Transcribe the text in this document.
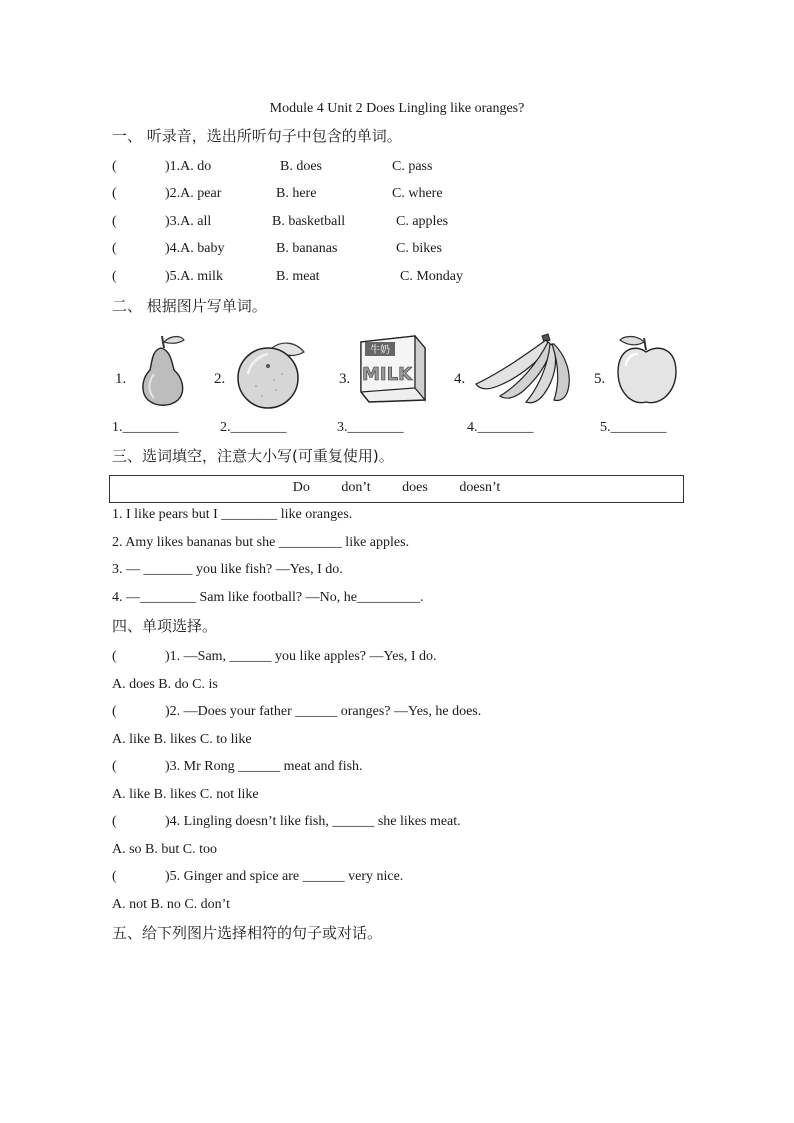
Module 4 Unit 2 Does Lingling like oranges?
一、 听录音，选出所听句子中包含的单词。
(	)1.A. do	B. does	C. pass
(	)2.A. pear	B. here	C. where
(	)3.A. all	B. basketball	C. apples
(	)4.A. baby	B. bananas	C. bikes
(	)5.A. milk	B. meat	C. Monday
二、 根据图片写单词。
1.	2.	3.
牛奶
MILK	4.	5.
1.________	2.________	3.________	4.________	5.________
三、选词填空，注意大小写(可重复使用)。
Do don’t does doesn’t
1. I like pears but I ________ like oranges.
2. Amy likes bananas but she _________ like apples.
3. — _______ you like fish? —Yes, I do.
4. —________ Sam like football? —No, he_________.
四、单项选择。
(	)1. —Sam, ______ you like apples? —Yes, I do.
A. does B. do C. is
(	)2. —Does your father ______ oranges? —Yes, he does.
A. like B. likes C. to like
(	)3. Mr Rong ______ meat and fish.
A. like B. likes C. not like
(	)4. Lingling doesn’t like fish, ______ she likes meat.
A. so B. but C. too
(	)5. Ginger and spice are ______ very nice.
A. not B. no C. don’t
五、给下列图片选择相符的句子或对话。
